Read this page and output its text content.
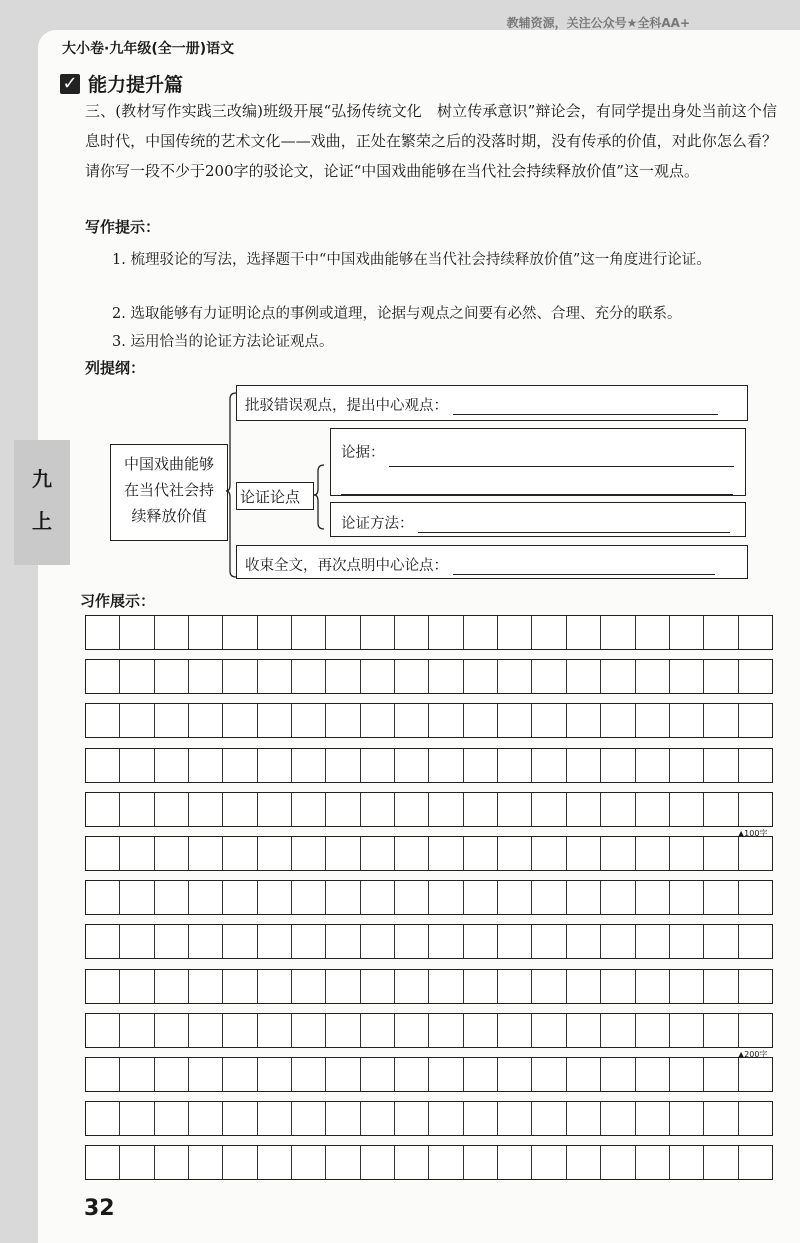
教辅资源，关注公众号★全科AA+
大小卷·九年级(全一册)语文
✓ 能力提升篇
三、(教材写作实践三改编)班级开展“弘扬传统文化　树立传承意识”辩论会，有同学提出身处当前这个信息时代，中国传统的艺术文化——戏曲，正处在繁荣之后的没落时期，没有传承的价值，对此你怎么看？请你写一段不少于200字的驳论文，论证“中国戏曲能够在当代社会持续释放价值”这一观点。
写作提示：
1. 梳理驳论的写法，选择题干中“中国戏曲能够在当代社会持续释放价值”这一角度进行论证。
2. 选取能够有力证明论点的事例或道理，论据与观点之间要有必然、合理、充分的联系。
3. 运用恰当的论证方法论证观点。
列提纲：
中国戏曲能够在当代社会持续释放价值
批驳错误观点，提出中心观点：
论证论点
论据：

论证方法：
收束全文，再次点明中心论点：
九
上
习作展示：
▲100字
▲200字
32
